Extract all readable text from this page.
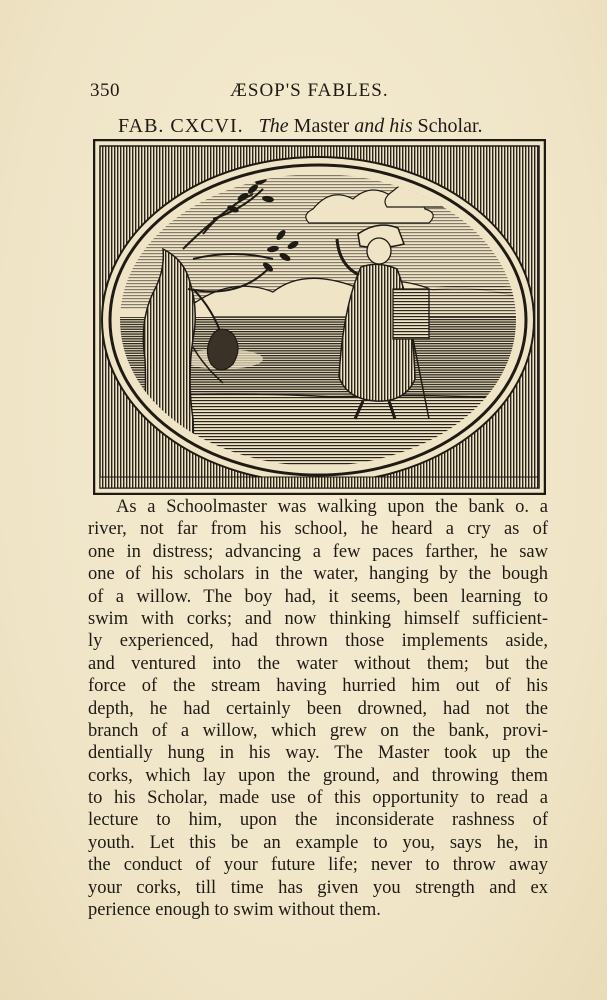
350	ÆSOP'S FABLES.
FAB. CXCVI. The Master and his Scholar.
As a Schoolmaster was walking upon the bank o. a
river, not far from his school, he heard a cry as of
one in distress; advancing a few paces farther, he saw
one of his scholars in the water, hanging by the bough
of a willow. The boy had, it seems, been learning to
swim with corks; and now thinking himself sufficient-
ly experienced, had thrown those implements aside,
and ventured into the water without them; but the
force of the stream having hurried him out of his
depth, he had certainly been drowned, had not the
branch of a willow, which grew on the bank, provi-
dentially hung in his way. The Master took up the
corks, which lay upon the ground, and throwing them
to his Scholar, made use of this opportunity to read a
lecture to him, upon the inconsiderate rashness of
youth. Let this be an example to you, says he, in
the conduct of your future life; never to throw away
your corks, till time has given you strength and ex
perience enough to swim without them.
